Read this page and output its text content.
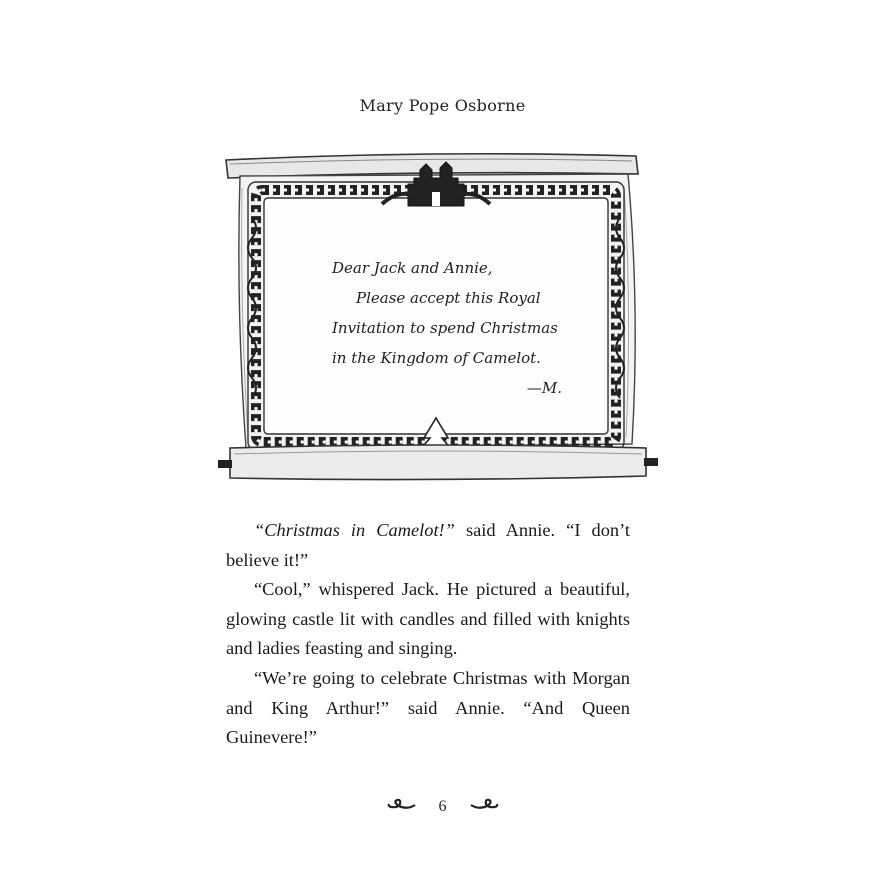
Mary Pope Osborne
Dear Jack and Annie,
Please accept this Royal
Invitation to spend Christmas
in the Kingdom of Camelot.
—M.

“Christmas in Camelot!” said Annie. “I don’t believe it!”

“Cool,” whispered Jack. He pictured a beautiful, glowing castle lit with candles and filled with knights and ladies feasting and singing.

“We’re going to celebrate Christmas with Morgan and King Arthur!” said Annie. “And Queen Guinevere!”

6
